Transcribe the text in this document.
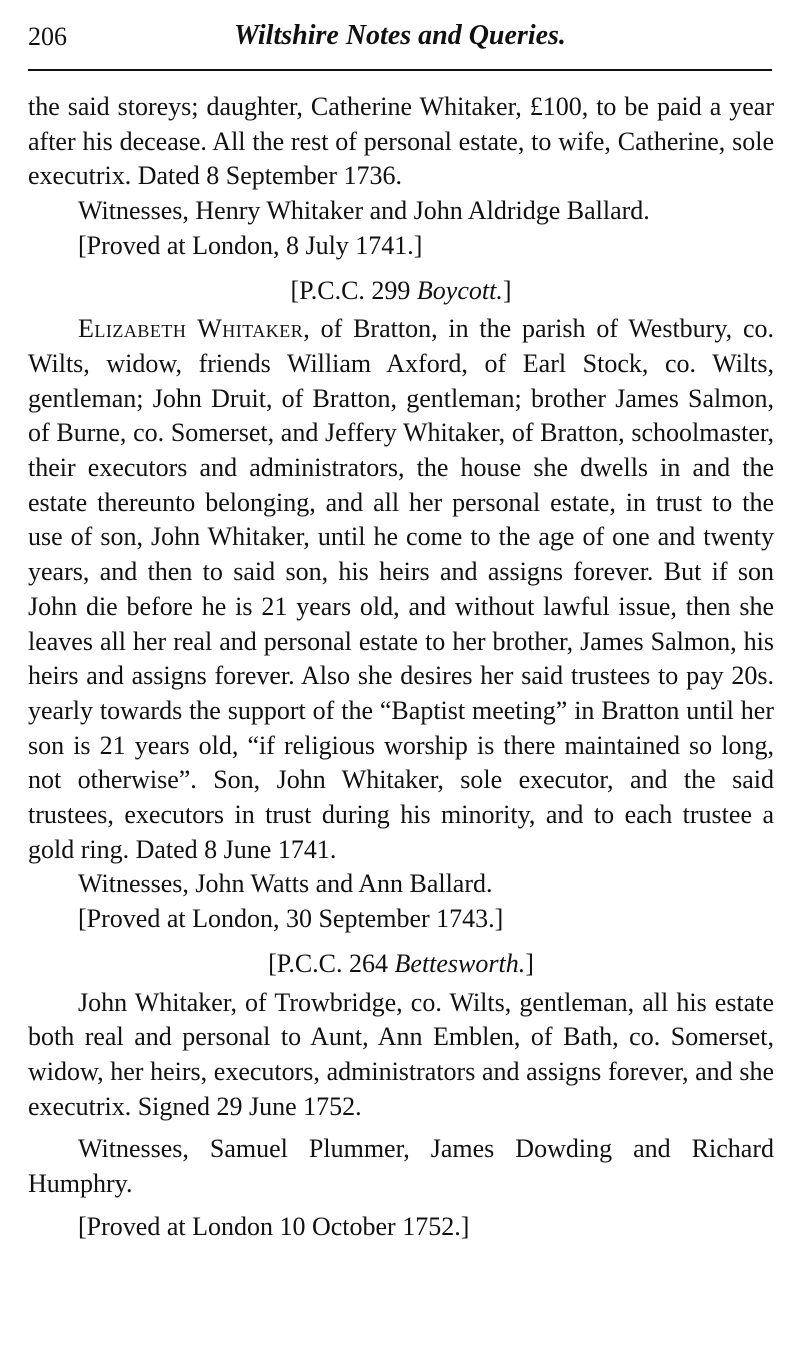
206	Wiltshire Notes and Queries.

the said storeys; daughter, Catherine Whitaker, £100, to be paid a year after his decease. All the rest of personal estate, to wife, Catherine, sole executrix. Dated 8 September 1736.

Witnesses, Henry Whitaker and John Aldridge Ballard.

[Proved at London, 8 July 1741.]

[P.C.C. 299 Boycott.]

Elizabeth Whitaker, of Bratton, in the parish of Westbury, co. Wilts, widow, friends William Axford, of Earl Stock, co. Wilts, gentleman; John Druit, of Bratton, gentleman; brother James Salmon, of Burne, co. Somerset, and Jeffery Whitaker, of Bratton, schoolmaster, their executors and administrators, the house she dwells in and the estate thereunto belonging, and all her personal estate, in trust to the use of son, John Whitaker, until he come to the age of one and twenty years, and then to said son, his heirs and assigns forever. But if son John die before he is 21 years old, and without lawful issue, then she leaves all her real and personal estate to her brother, James Salmon, his heirs and assigns forever. Also she desires her said trustees to pay 20s. yearly towards the support of the “Baptist meeting” in Bratton until her son is 21 years old, “if religious worship is there maintained so long, not otherwise”. Son, John Whitaker, sole executor, and the said trustees, executors in trust during his minority, and to each trustee a gold ring. Dated 8 June 1741.

Witnesses, John Watts and Ann Ballard.

[Proved at London, 30 September 1743.]

[P.C.C. 264 Bettesworth.]

John Whitaker, of Trowbridge, co. Wilts, gentleman, all his estate both real and personal to Aunt, Ann Emblen, of Bath, co. Somerset, widow, her heirs, executors, administrators and assigns forever, and she executrix. Signed 29 June 1752.

Witnesses, Samuel Plummer, James Dowding and Richard Humphry.

[Proved at London 10 October 1752.]
